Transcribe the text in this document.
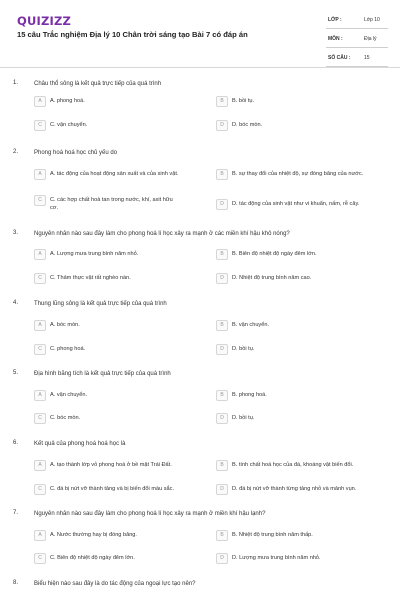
QUIZIZZ
15 câu Trắc nghiệm Địa lý 10 Chân trời sáng tạo Bài 7 có đáp án
LỚP :	Lớp 10
MÔN :	Địa lý
SỐ CÂU :	15
1.	Châu thổ sông là kết quả trực tiếp của quá trình
A	A. phong hoá.	B	B. bồi tụ.
C	C. vận chuyển.	D	D. bóc mòn.
2.	Phong hoá hoá học chủ yếu do
A	A. tác động của hoạt động sản xuất và của sinh vật.	B	B. sự thay đổi của nhiệt độ, sự đóng băng của nước.
C	C. các hợp chất hoà tan trong nước, khí, axit hữu cơ.
D	D. tác động của sinh vật như vi khuẩn, nấm, rễ cây.
3.	Nguyên nhân nào sau đây làm cho phong hoá lí học xảy ra mạnh ở các miền khí hậu khô nóng?
A	A. Lượng mưa trung bình năm nhỏ.	B	B. Biên độ nhiệt độ ngày đêm lớn.
C	C. Thảm thực vật rất nghèo nàn.	D	D. Nhiệt độ trung bình năm cao.
4.	Thung lũng sông là kết quả trực tiếp của quá trình
A	A. bóc mòn.	B	B. vận chuyển.
C	C. phong hoá.	D	D. bồi tụ.
5.	Địa hình băng tích là kết quả trực tiếp của quá trình
A	A. vận chuyển.	B	B. phong hoá.
C	C. bóc mòn.	D	D. bồi tụ.
6.	Kết quả của phong hoá hoá học là
A	A. tạo thành lớp vỏ phong hoá ở bề mặt Trái Đất.	B	B. tính chất hoá học của đá, khoáng vật biến đổi.
C	C. đá bị nứt vỡ thành tảng và bị biến đổi màu sắc.	D	D. đá bị nứt vỡ thành từng tảng nhỏ và mảnh vụn.
7.	Nguyên nhân nào sau đây làm cho phong hoá lí học xảy ra mạnh ở miền khí hậu lạnh?
A	A. Nước thường hay bị đóng băng.	B	B. Nhiệt độ trung bình năm thấp.
C	C. Biên độ nhiệt độ ngày đêm lớn.	D	D. Lượng mưa trung bình năm nhỏ.
8.	Biểu hiện nào sau đây là do tác động của ngoại lực tạo nên?
